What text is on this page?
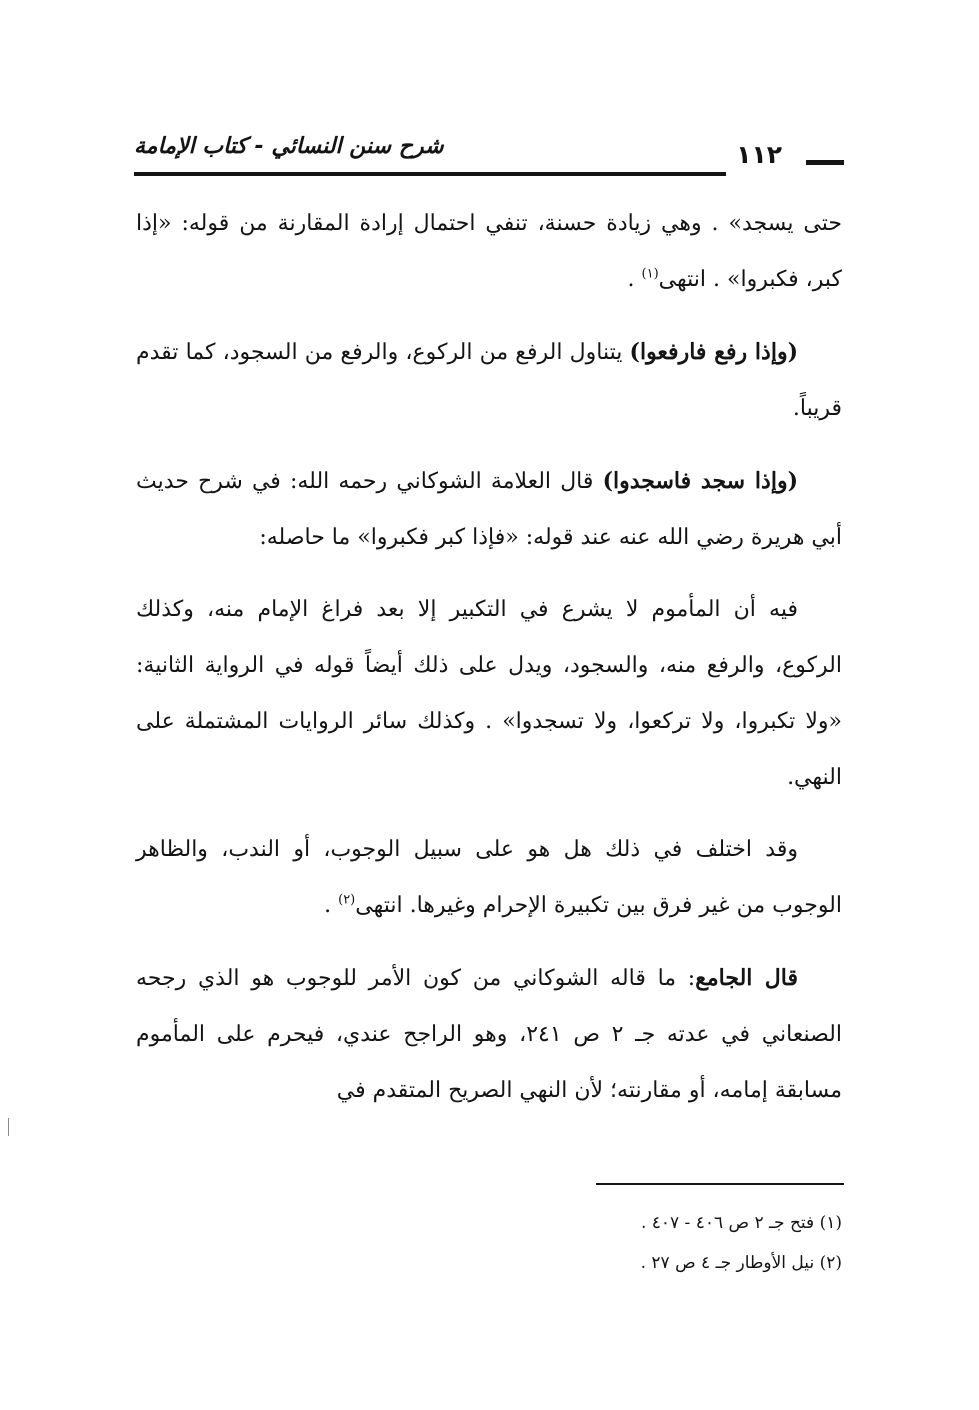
شرح سنن النسائي - كتاب الإمامة	١١٢

حتى يسجد» . وهي زيادة حسنة، تنفي احتمال إرادة المقارنة من قوله: «إذا كبر، فكبروا» . انتهى$^{(١)}$ .

(وإذا رفع فارفعوا) يتناول الرفع من الركوع، والرفع من السجود، كما تقدم قريباً.

(وإذا سجد فاسجدوا) قال العلامة الشوكاني رحمه الله: في شرح حديث أبي هريرة رضي الله عنه عند قوله: «فإذا كبر فكبروا» ما حاصله:

فيه أن المأموم لا يشرع في التكبير إلا بعد فراغ الإمام منه، وكذلك الركوع، والرفع منه، والسجود، ويدل على ذلك أيضاً قوله في الرواية الثانية: «ولا تكبروا، ولا تركعوا، ولا تسجدوا» . وكذلك سائر الروايات المشتملة على النهي.

وقد اختلف في ذلك هل هو على سبيل الوجوب، أو الندب، والظاهر الوجوب من غير فرق بين تكبيرة الإحرام وغيرها. انتهى$^{(٢)}$ .

قال الجامع: ما قاله الشوكاني من كون الأمر للوجوب هو الذي رجحه الصنعاني في عدته جـ ٢ ص ٢٤١، وهو الراجح عندي، فيحرم على المأموم مسابقة إمامه، أو مقارنته؛ لأن النهي الصريح المتقدم في

(١) فتح جـ ٢ ص ٤٠٦ - ٤٠٧ .
(٢) نيل الأوطار جـ ٤ ص ٢٧ .
